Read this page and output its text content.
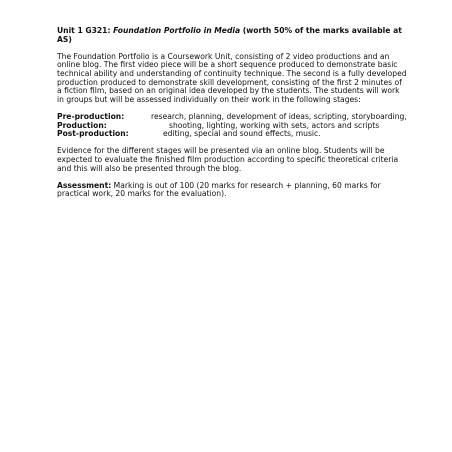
Unit 1 G321: Foundation Portfolio in Media (worth 50% of the marks available at AS)

The Foundation Portfolio is a Coursework Unit, consisting of 2 video productions and an online blog. The first video piece will be a short sequence produced to demonstrate basic technical ability and understanding of continuity technique. The second is a fully developed production produced to demonstrate skill development, consisting of the first 2 minutes of a fiction film, based on an original idea developed by the students. The students will work in groups but will be assessed individually on their work in the following stages:

Pre-production:	research, planning, development of ideas, scripting, storyboarding,
Production:	shooting, lighting, working with sets, actors and scripts
Post-production:	editing, special and sound effects, music.

Evidence for the different stages will be presented via an online blog. Students will be expected to evaluate the finished film production according to specific theoretical criteria and this will also be presented through the blog.

Assessment: Marking is out of 100 (20 marks for research + planning, 60 marks for practical work, 20 marks for the evaluation).
